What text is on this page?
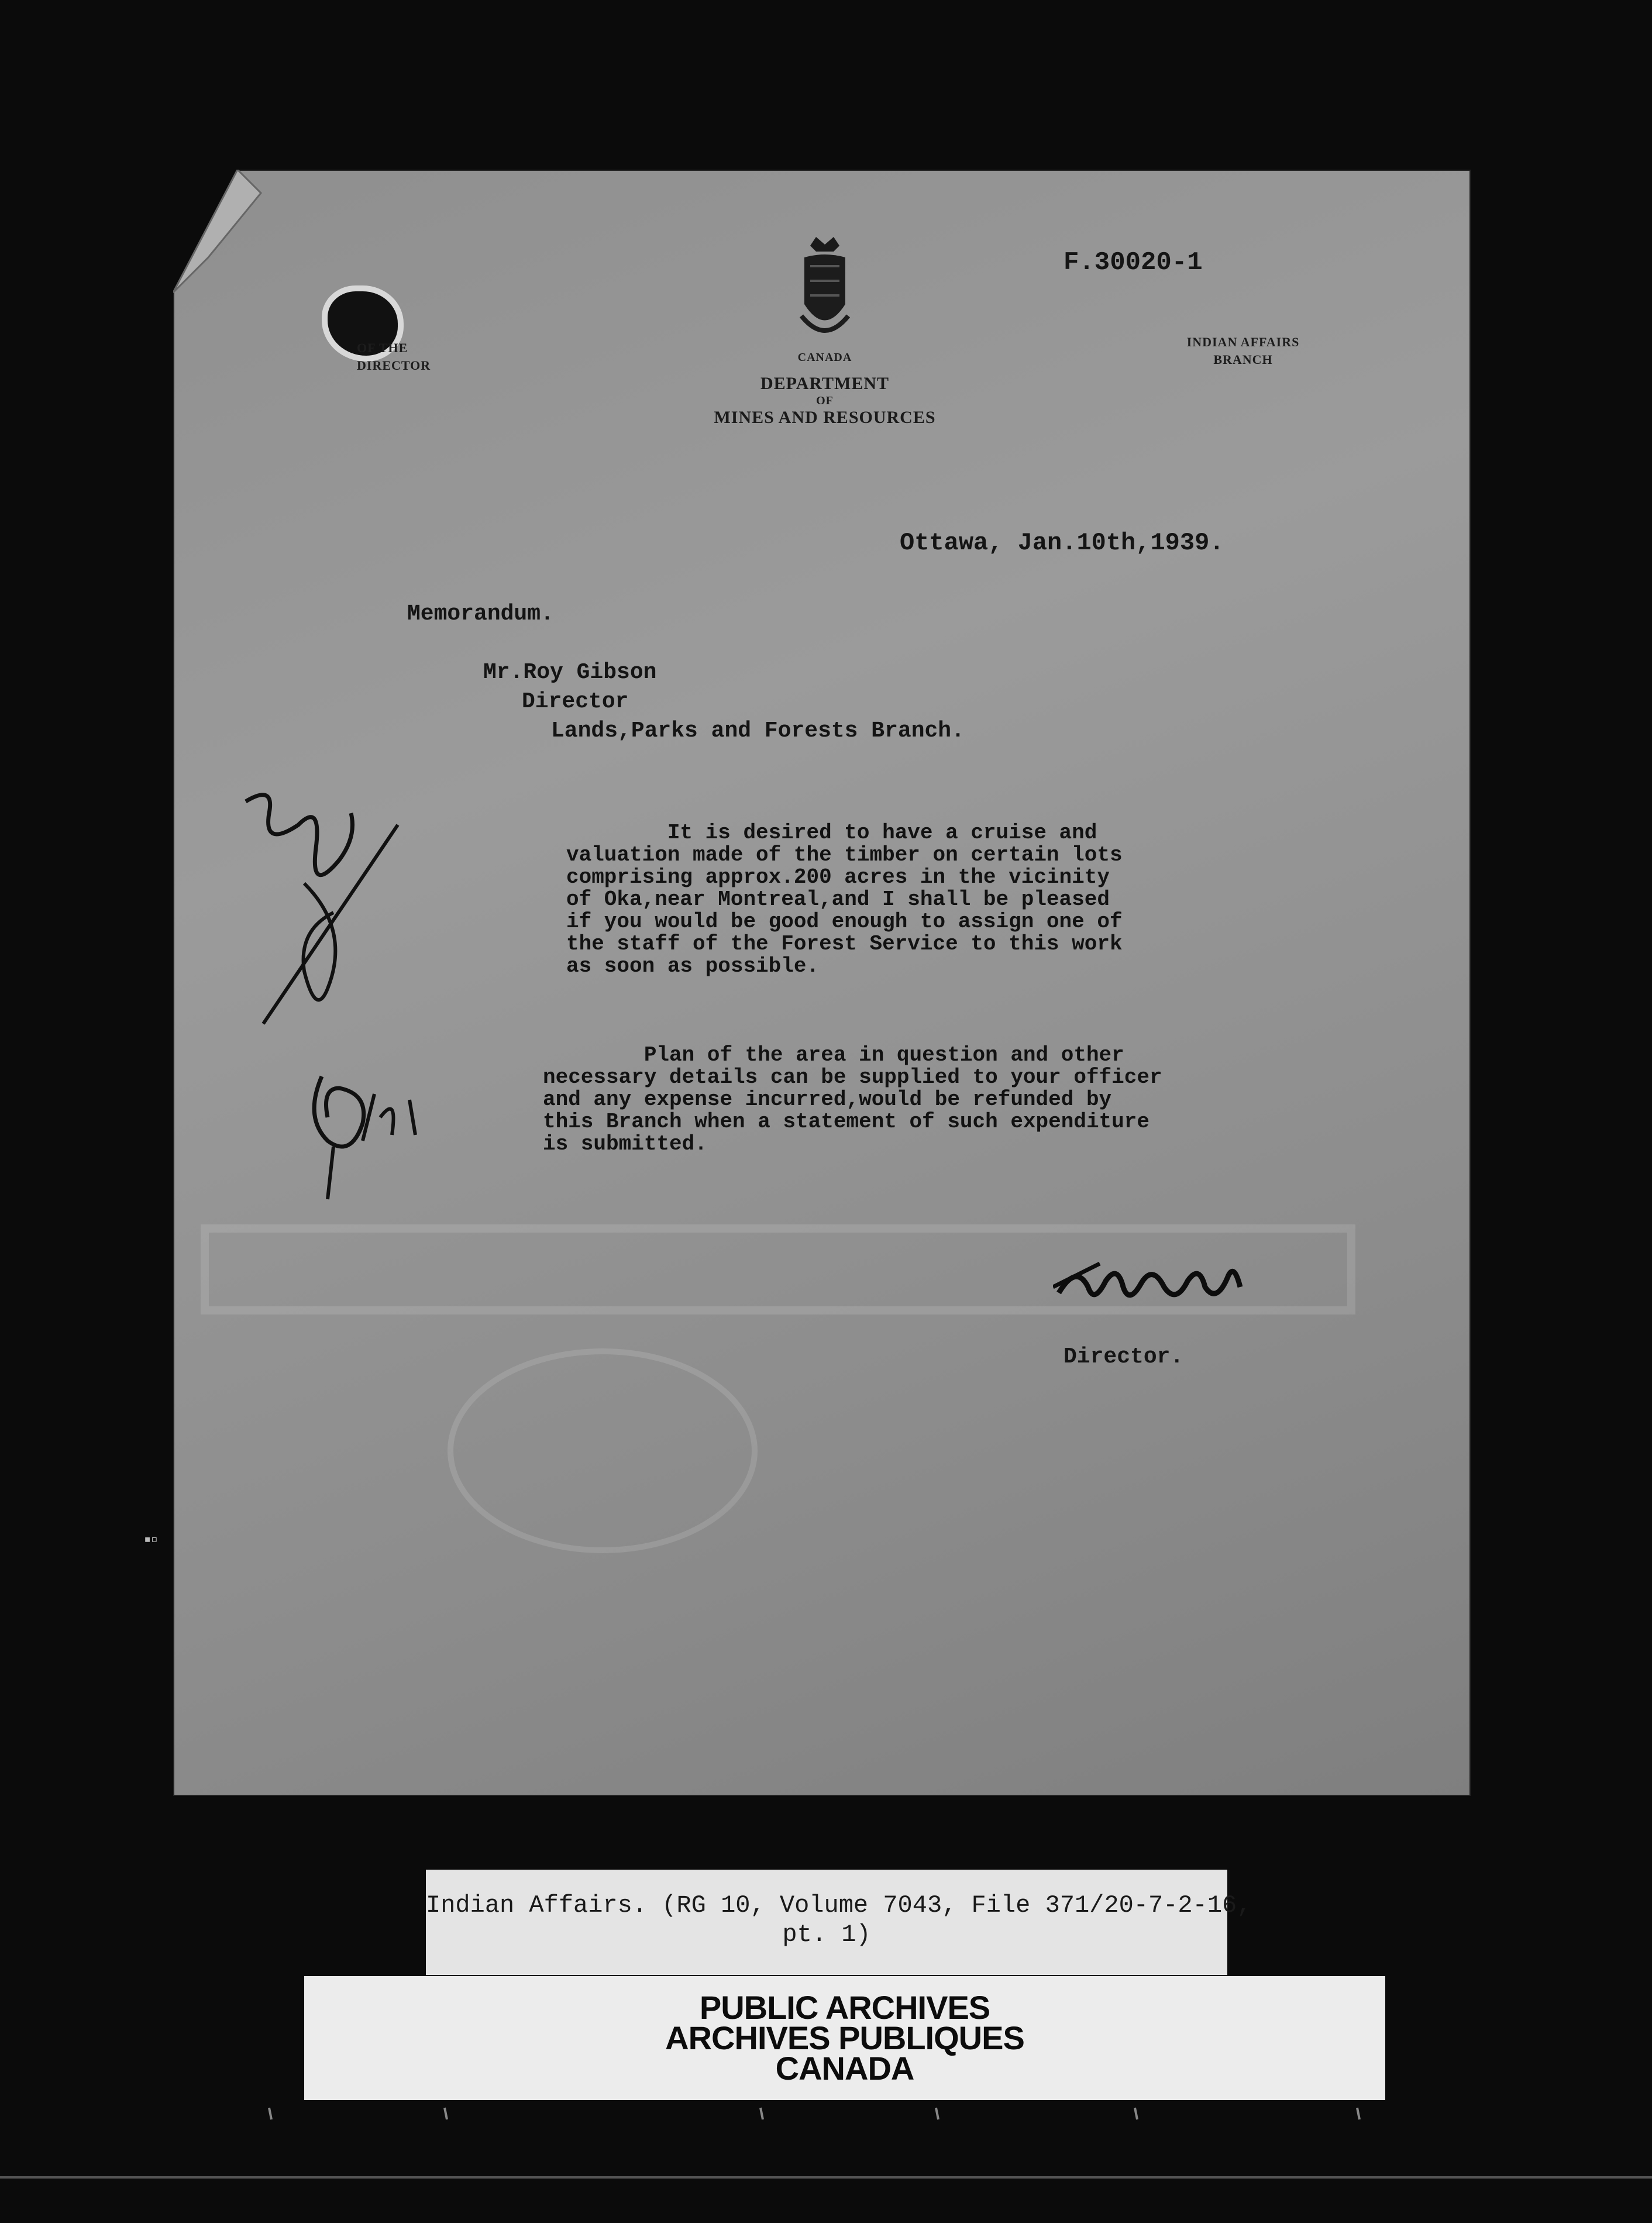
OF THE
DIRECTOR
CANADA
DEPARTMENT
OF
MINES AND RESOURCES
INDIAN AFFAIRS
BRANCH
F.30020-1
Ottawa, Jan.10th,1939.
Memorandum.
Mr.Roy Gibson
Director
Lands,Parks and Forests Branch.
It is desired to have a cruise and
valuation made of the timber on certain lots
comprising approx.200 acres in the vicinity
of Oka,near Montreal,and I shall be pleased
if you would be good enough to assign one of
the staff of the Forest Service to this work
as soon as possible.
Plan of the area in question and other
necessary details can be supplied to your officer
and any expense incurred,would be refunded by
this Branch when a statement of such expenditure
is submitted.
Director.
▪▫
Indian Affairs. (RG 10, Volume 7043, File 371/20-7-2-16,
pt. 1)
PUBLIC ARCHIVES
ARCHIVES PUBLIQUES
CANADA
